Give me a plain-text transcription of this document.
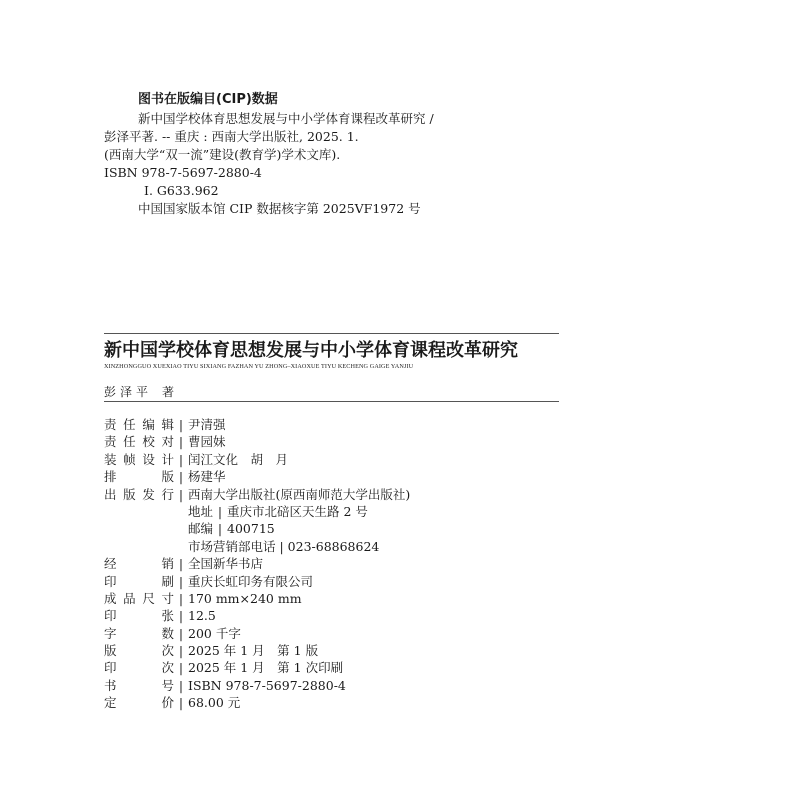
图书在版编目(CIP)数据
新中国学校体育思想发展与中小学体育课程改革研究 /
彭泽平著. -- 重庆 : 西南大学出版社, 2025. 1.
(西南大学“双一流”建设(教育学)学术文库).
ISBN 978-7-5697-2880-4
Ⅰ. G633.962
中国国家版本馆 CIP 数据核字第 2025VF1972 号
新中国学校体育思想发展与中小学体育课程改革研究
XINZHONGGUO XUEXIAO TIYU SIXIANG FAZHAN YU ZHONG–XIAOXUE TIYU KECHENG GAIGE YANJIU
彭泽平 著
责 任 编 辑 | 尹清强
责 任 校 对 | 曹园妹
装 帧 设 计 | 闰江文化　胡　月
排	版 | 杨建华
出 版 发 行 | 西南大学出版社(原西南师范大学出版社)
地址 | 重庆市北碚区天生路 2 号
邮编 | 400715
市场营销部电话 | 023-68868624
经	销 | 全国新华书店
印	刷 | 重庆长虹印务有限公司
成 品 尺 寸 | 170 mm×240 mm
印	张 | 12.5
字	数 | 200 千字
版	次 | 2025 年 1 月　第 1 版
印	次 | 2025 年 1 月　第 1 次印刷
书	号 | ISBN 978-7-5697-2880-4
定	价 | 68.00 元
